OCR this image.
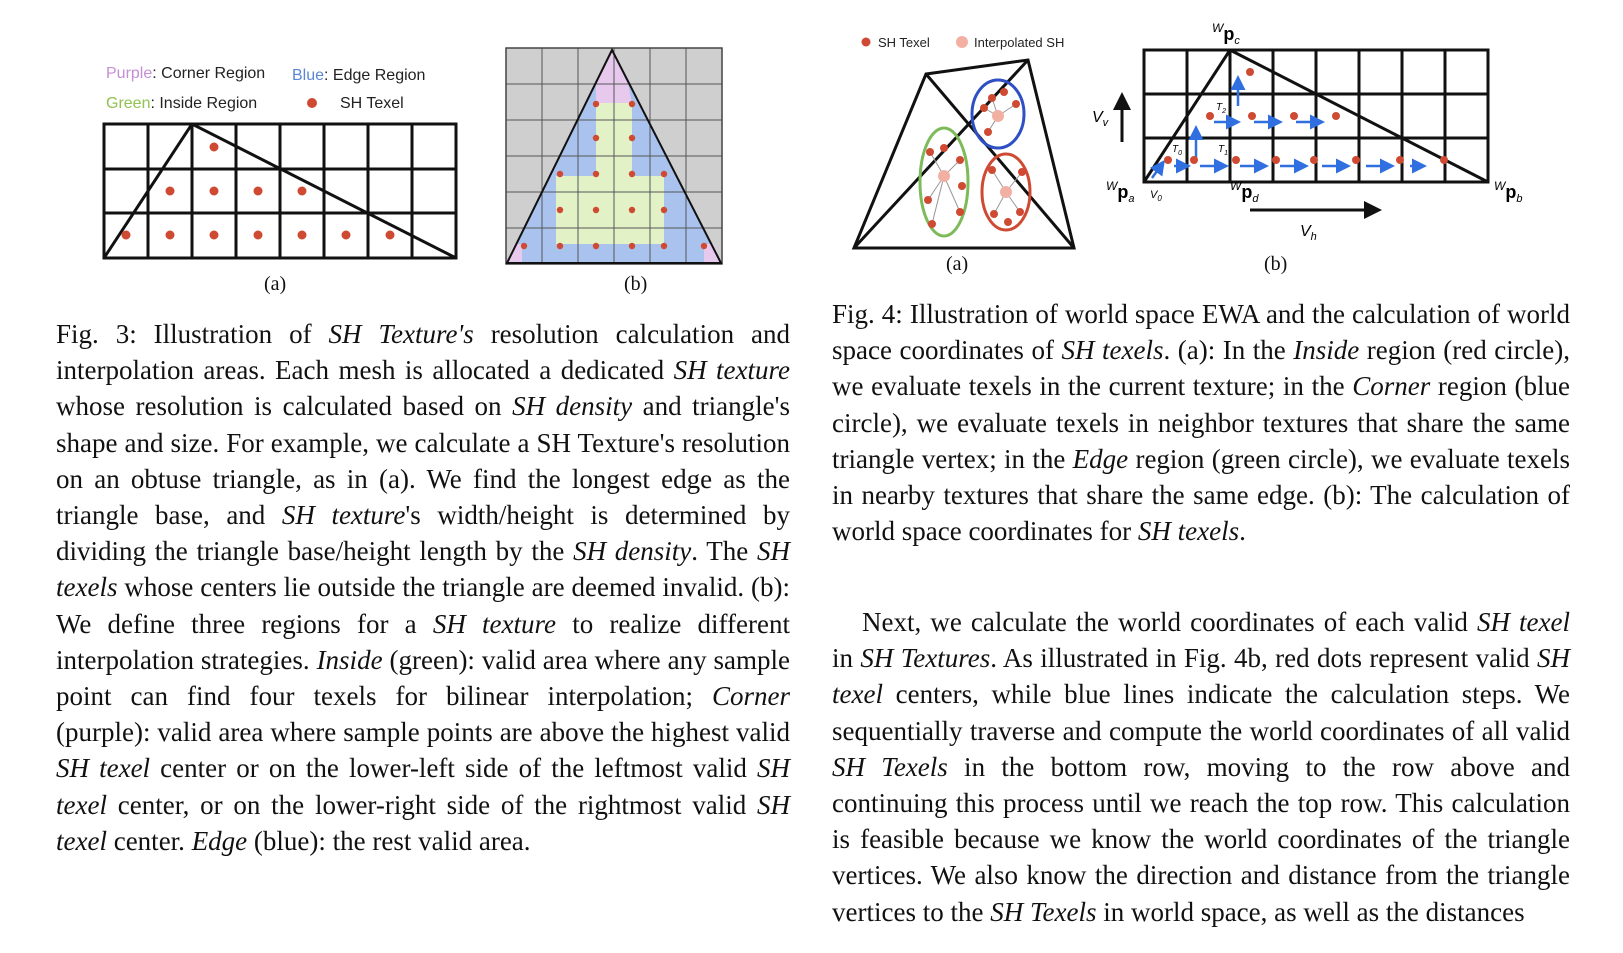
Purple: Corner Region Blue: Edge Region
Green: Inside Region	SH Texel
(a)	(b)

Fig. 3: Illustration of SH Texture's resolution calculation and interpolation areas. Each mesh is allocated a dedicated SH texture whose resolution is calculated based on SH density and triangle's shape and size. For example, we calculate a SH Texture's resolution on an obtuse triangle, as in (a). We find the longest edge as the triangle base, and SH texture's width/height is determined by dividing the triangle base/height length by the SH density. The SH texels whose centers lie outside the triangle are deemed invalid. (b): We define three regions for a SH texture to realize different interpolation strategies. Inside (green): valid area where any sample point can find four texels for bilinear interpolation; Corner (purple): valid area where sample points are above the highest valid SH texel center or on the lower-left side of the leftmost valid SH texel center, or on the lower-right side of the rightmost valid SH texel center. Edge (blue): the rest valid area.

SH Texel	Interpolated SH
(a)
$V_v$
$V_h$
Wpc
Wpa
Wpd
Wpb
$V_0$
$T_0$	$T_1$
$T_2$
(b)

Fig. 4: Illustration of world space EWA and the calculation of world space coordinates of SH texels. (a): In the Inside region (red circle), we evaluate texels in the current texture; in the Corner region (blue circle), we evaluate texels in neighbor textures that share the same triangle vertex; in the Edge region (green circle), we evaluate texels in nearby textures that share the same edge. (b): The calculation of world space coordinates for SH texels.

Next, we calculate the world coordinates of each valid SH texel in SH Textures. As illustrated in Fig. 4b, red dots represent valid SH texel centers, while blue lines indicate the calculation steps. We sequentially traverse and compute the world coordinates of all valid SH Texels in the bottom row, moving to the row above and continuing this process until we reach the top row. This calculation is feasible because we know the world coordinates of the triangle vertices. We also know the direction and distance from the triangle vertices to the SH Texels in world space, as well as the distances
